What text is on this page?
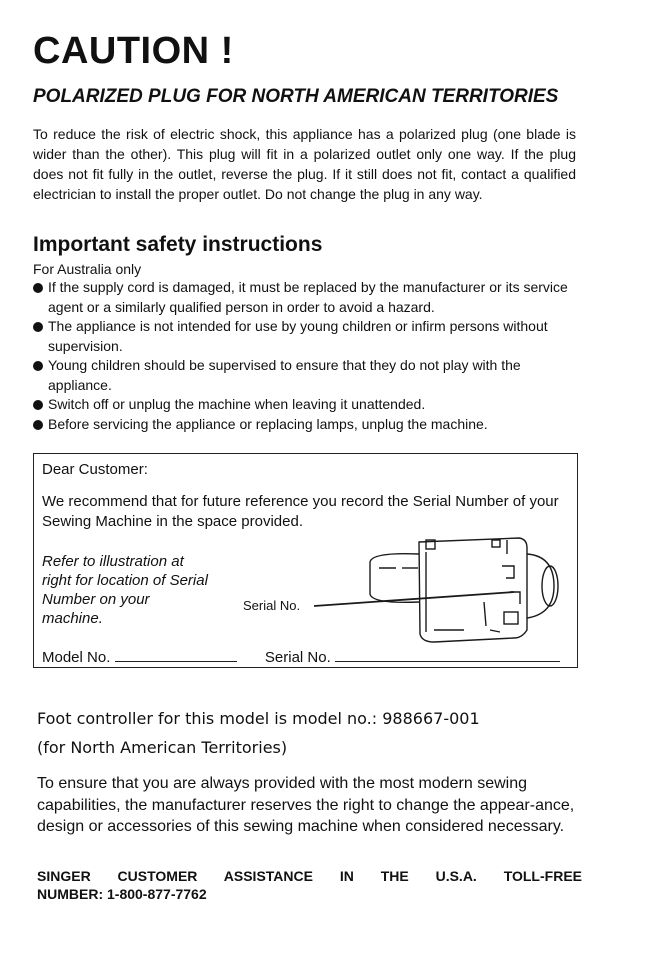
CAUTION !
POLARIZED PLUG FOR NORTH AMERICAN TERRITORIES

To reduce the risk of electric shock, this appliance has a polarized plug (one blade is wider than the other). This plug will fit in a polarized outlet only one way. If the plug does not fit fully in the outlet, reverse the plug. If it still does not fit, contact a qualified electrician to install the proper outlet. Do not change the plug in any way.

Important safety instructions

For Australia only

If the supply cord is damaged, it must be replaced by the manufacturer or its service agent or a similarly qualified person in order to avoid a hazard.
The appliance is not intended for use by young children or infirm persons without supervision.
Young children should be supervised to ensure that they do not play with the appliance.
Switch off or unplug the machine when leaving it unattended.
Before servicing the appliance or replacing lamps, unplug the machine.

Dear Customer:

We recommend that for future reference you record the Serial Number of your Sewing Machine in the space provided.

Refer to illustration at right for location of Serial Number on your machine.

Serial No.

Model No.	Serial No.

Foot controller for this model is model no.: 988667-001

(for North American Territories)

To ensure that you are always provided with the most modern sewing capabilities, the manufacturer reserves the right to change the appear-ance, design or accessories of this sewing machine when considered necessary.

SINGER CUSTOMER ASSISTANCE IN THE U.S.A. TOLL-FREE

NUMBER: 1-800-877-7762
